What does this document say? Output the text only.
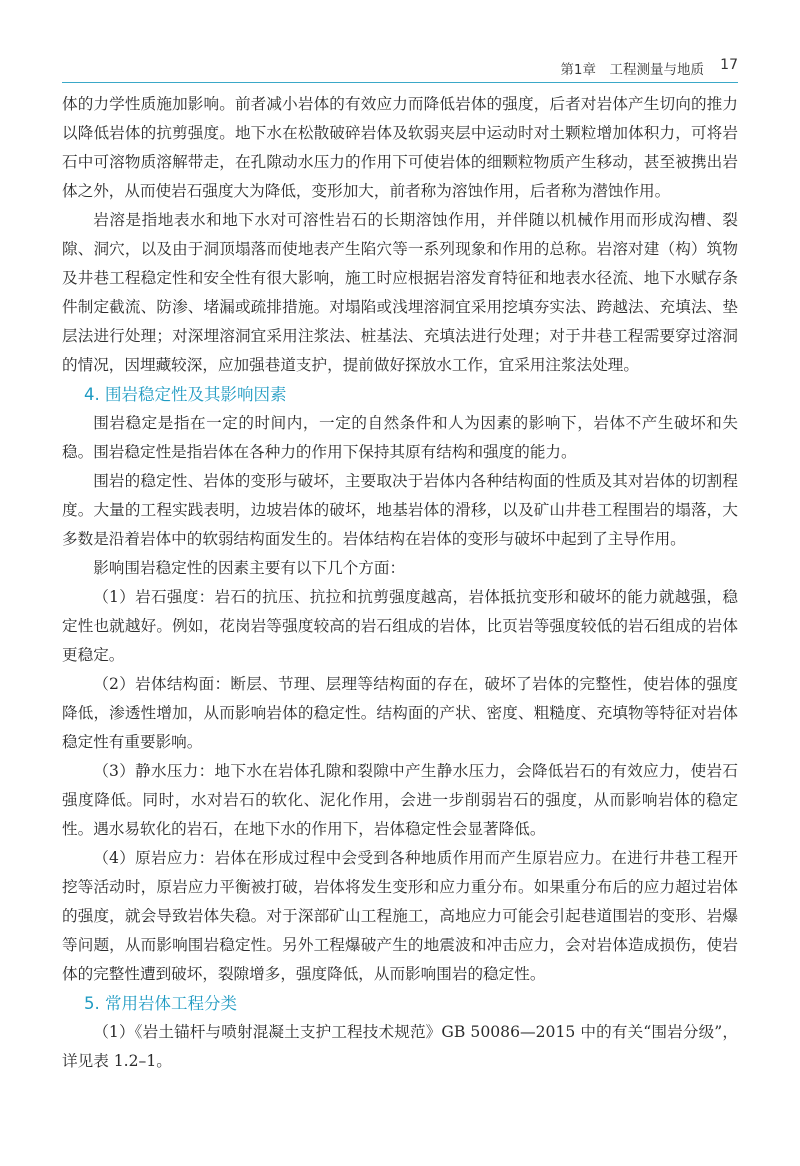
第1章　工程测量与地质 17

体的力学性质施加影响。前者减小岩体的有效应力而降低岩体的强度，后者对岩体产生切向的推力以降低岩体的抗剪强度。地下水在松散破碎岩体及软弱夹层中运动时对土颗粒增加体积力，可将岩石中可溶物质溶解带走，在孔隙动水压力的作用下可使岩体的细颗粒物质产生移动，甚至被携出岩体之外，从而使岩石强度大为降低，变形加大，前者称为溶蚀作用，后者称为潜蚀作用。

岩溶是指地表水和地下水对可溶性岩石的长期溶蚀作用，并伴随以机械作用而形成沟槽、裂隙、洞穴，以及由于洞顶塌落而使地表产生陷穴等一系列现象和作用的总称。岩溶对建（构）筑物及井巷工程稳定性和安全性有很大影响，施工时应根据岩溶发育特征和地表水径流、地下水赋存条件制定截流、防渗、堵漏或疏排措施。对塌陷或浅埋溶洞宜采用挖填夯实法、跨越法、充填法、垫层法进行处理；对深埋溶洞宜采用注浆法、桩基法、充填法进行处理；对于井巷工程需要穿过溶洞的情况，因埋藏较深，应加强巷道支护，提前做好探放水工作，宜采用注浆法处理。

4. 围岩稳定性及其影响因素

围岩稳定是指在一定的时间内，一定的自然条件和人为因素的影响下，岩体不产生破坏和失稳。围岩稳定性是指岩体在各种力的作用下保持其原有结构和强度的能力。

围岩的稳定性、岩体的变形与破坏，主要取决于岩体内各种结构面的性质及其对岩体的切割程度。大量的工程实践表明，边坡岩体的破坏，地基岩体的滑移，以及矿山井巷工程围岩的塌落，大多数是沿着岩体中的软弱结构面发生的。岩体结构在岩体的变形与破坏中起到了主导作用。

影响围岩稳定性的因素主要有以下几个方面：

（1）岩石强度：岩石的抗压、抗拉和抗剪强度越高，岩体抵抗变形和破坏的能力就越强，稳定性也就越好。例如，花岗岩等强度较高的岩石组成的岩体，比页岩等强度较低的岩石组成的岩体更稳定。

（2）岩体结构面：断层、节理、层理等结构面的存在，破坏了岩体的完整性，使岩体的强度降低，渗透性增加，从而影响岩体的稳定性。结构面的产状、密度、粗糙度、充填物等特征对岩体稳定性有重要影响。

（3）静水压力：地下水在岩体孔隙和裂隙中产生静水压力，会降低岩石的有效应力，使岩石强度降低。同时，水对岩石的软化、泥化作用，会进一步削弱岩石的强度，从而影响岩体的稳定性。遇水易软化的岩石，在地下水的作用下，岩体稳定性会显著降低。

（4）原岩应力：岩体在形成过程中会受到各种地质作用而产生原岩应力。在进行井巷工程开挖等活动时，原岩应力平衡被打破，岩体将发生变形和应力重分布。如果重分布后的应力超过岩体的强度，就会导致岩体失稳。对于深部矿山工程施工，高地应力可能会引起巷道围岩的变形、岩爆等问题，从而影响围岩稳定性。另外工程爆破产生的地震波和冲击应力，会对岩体造成损伤，使岩体的完整性遭到破坏，裂隙增多，强度降低，从而影响围岩的稳定性。

5. 常用岩体工程分类

（1）《岩土锚杆与喷射混凝土支护工程技术规范》GB 50086—2015 中的有关“围岩分级”，详见表 1.2–1。
